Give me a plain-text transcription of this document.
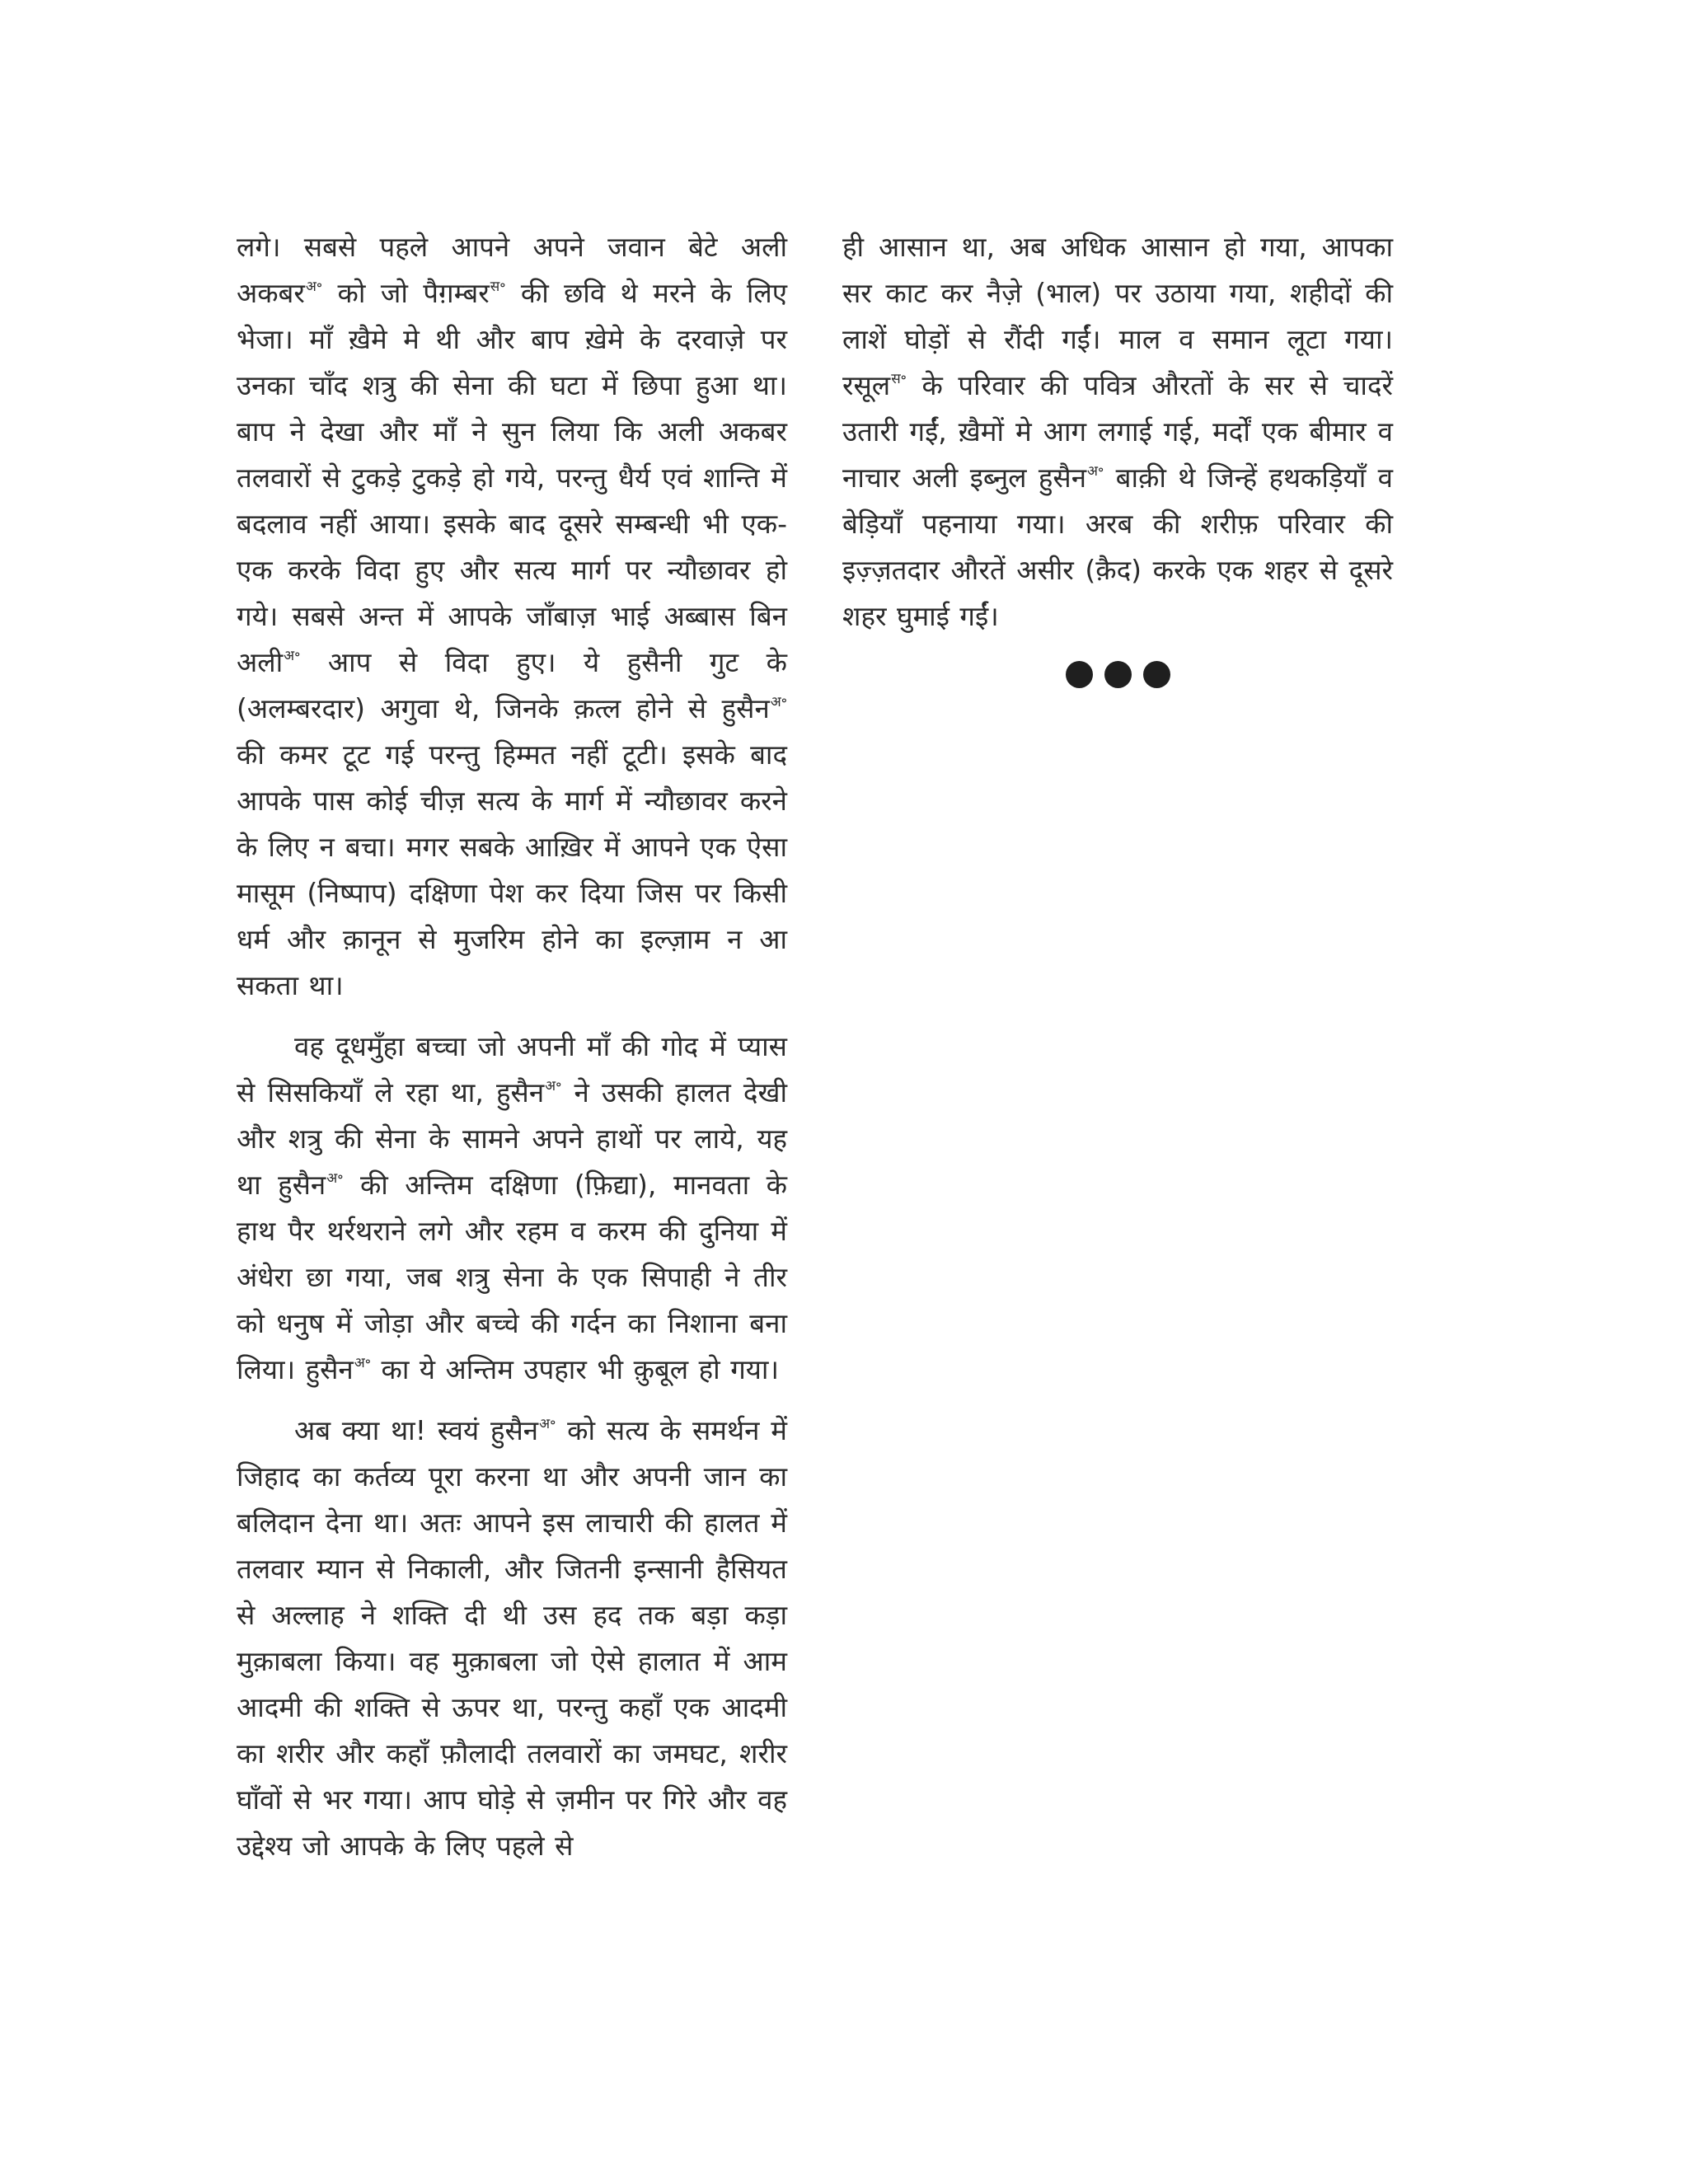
लगे। सबसे पहले आपने अपने जवान बेटे अली अकबर$^{अ॰}$ को जो पैग़म्बर$^{स॰}$ की छवि थे मरने के लिए भेजा। माँ ख़ैमे मे थी और बाप ख़ेमे के दरवाज़े पर उनका चाँद शत्रु की सेना की घटा में छिपा हुआ था। बाप ने देखा और माँ ने सुन लिया कि अली अकबर तलवारों से टुकड़े टुकड़े हो गये, परन्तु धैर्य एवं शान्ति में बदलाव नहीं आया। इसके बाद दूसरे सम्बन्धी भी एक-एक करके विदा हुए और सत्य मार्ग पर न्यौछावर हो गये। सबसे अन्त में आपके जाँबाज़ भाई अब्बास बिन अली$^{अ॰}$ आप से विदा हुए। ये हुसैनी गुट के (अलम्बरदार) अगुवा थे, जिनके क़त्ल होने से हुसैन$^{अ॰}$ की कमर टूट गई परन्तु हिम्मत नहीं टूटी। इसके बाद आपके पास कोई चीज़ सत्य के मार्ग में न्यौछावर करने के लिए न बचा। मगर सबके आख़िर में आपने एक ऐसा मासूम (निष्पाप) दक्षिणा पेश कर दिया जिस पर किसी धर्म और क़ानून से मुजरिम होने का इल्ज़ाम न आ सकता था।

वह दूधमुँहा बच्चा जो अपनी माँ की गोद में प्यास से सिसकियाँ ले रहा था, हुसैन$^{अ॰}$ ने उसकी हालत देखी और शत्रु की सेना के सामने अपने हाथों पर लाये, यह था हुसैन$^{अ॰}$ की अन्तिम दक्षिणा (फ़िद्या), मानवता के हाथ पैर थर्रथराने लगे और रहम व करम की दुनिया में अंधेरा छा गया, जब शत्रु सेना के एक सिपाही ने तीर को धनुष में जोड़ा और बच्चे की गर्दन का निशाना बना लिया। हुसैन$^{अ॰}$ का ये अन्तिम उपहार भी क़ुबूल हो गया।

अब क्या था! स्वयं हुसैन$^{अ॰}$ को सत्य के समर्थन में जिहाद का कर्तव्य पूरा करना था और अपनी जान का बलिदान देना था। अतः आपने इस लाचारी की हालत में तलवार म्यान से निकाली, और जितनी इन्सानी हैसियत से अल्लाह ने शक्ति दी थी उस हद तक बड़ा कड़ा मुक़ाबला किया। वह मुक़ाबला जो ऐसे हालात में आम आदमी की शक्ति से ऊपर था, परन्तु कहाँ एक आदमी का शरीर और कहाँ फ़ौलादी तलवारों का जमघट, शरीर घाँवों से भर गया। आप घोड़े से ज़मीन पर गिरे और वह उद्देश्य जो आपके के लिए पहले से

ही आसान था, अब अधिक आसान हो गया, आपका सर काट कर नैज़े (भाल) पर उठाया गया, शहीदों की लाशें घोड़ों से रौंदी गईं। माल व समान लूटा गया। रसूल$^{स॰}$ के परिवार की पवित्र औरतों के सर से चादरें उतारी गईं, ख़ैमों मे आग लगाई गई, मर्दों एक बीमार व नाचार अली इब्नुल हुसैन$^{अ॰}$ बाक़ी थे जिन्हें हथकड़ियाँ व बेड़ियाँ पहनाया गया। अरब की शरीफ़ परिवार की इज़्ज़तदार औरतें असीर (क़ैद) करके एक शहर से दूसरे शहर घुमाई गईं।
